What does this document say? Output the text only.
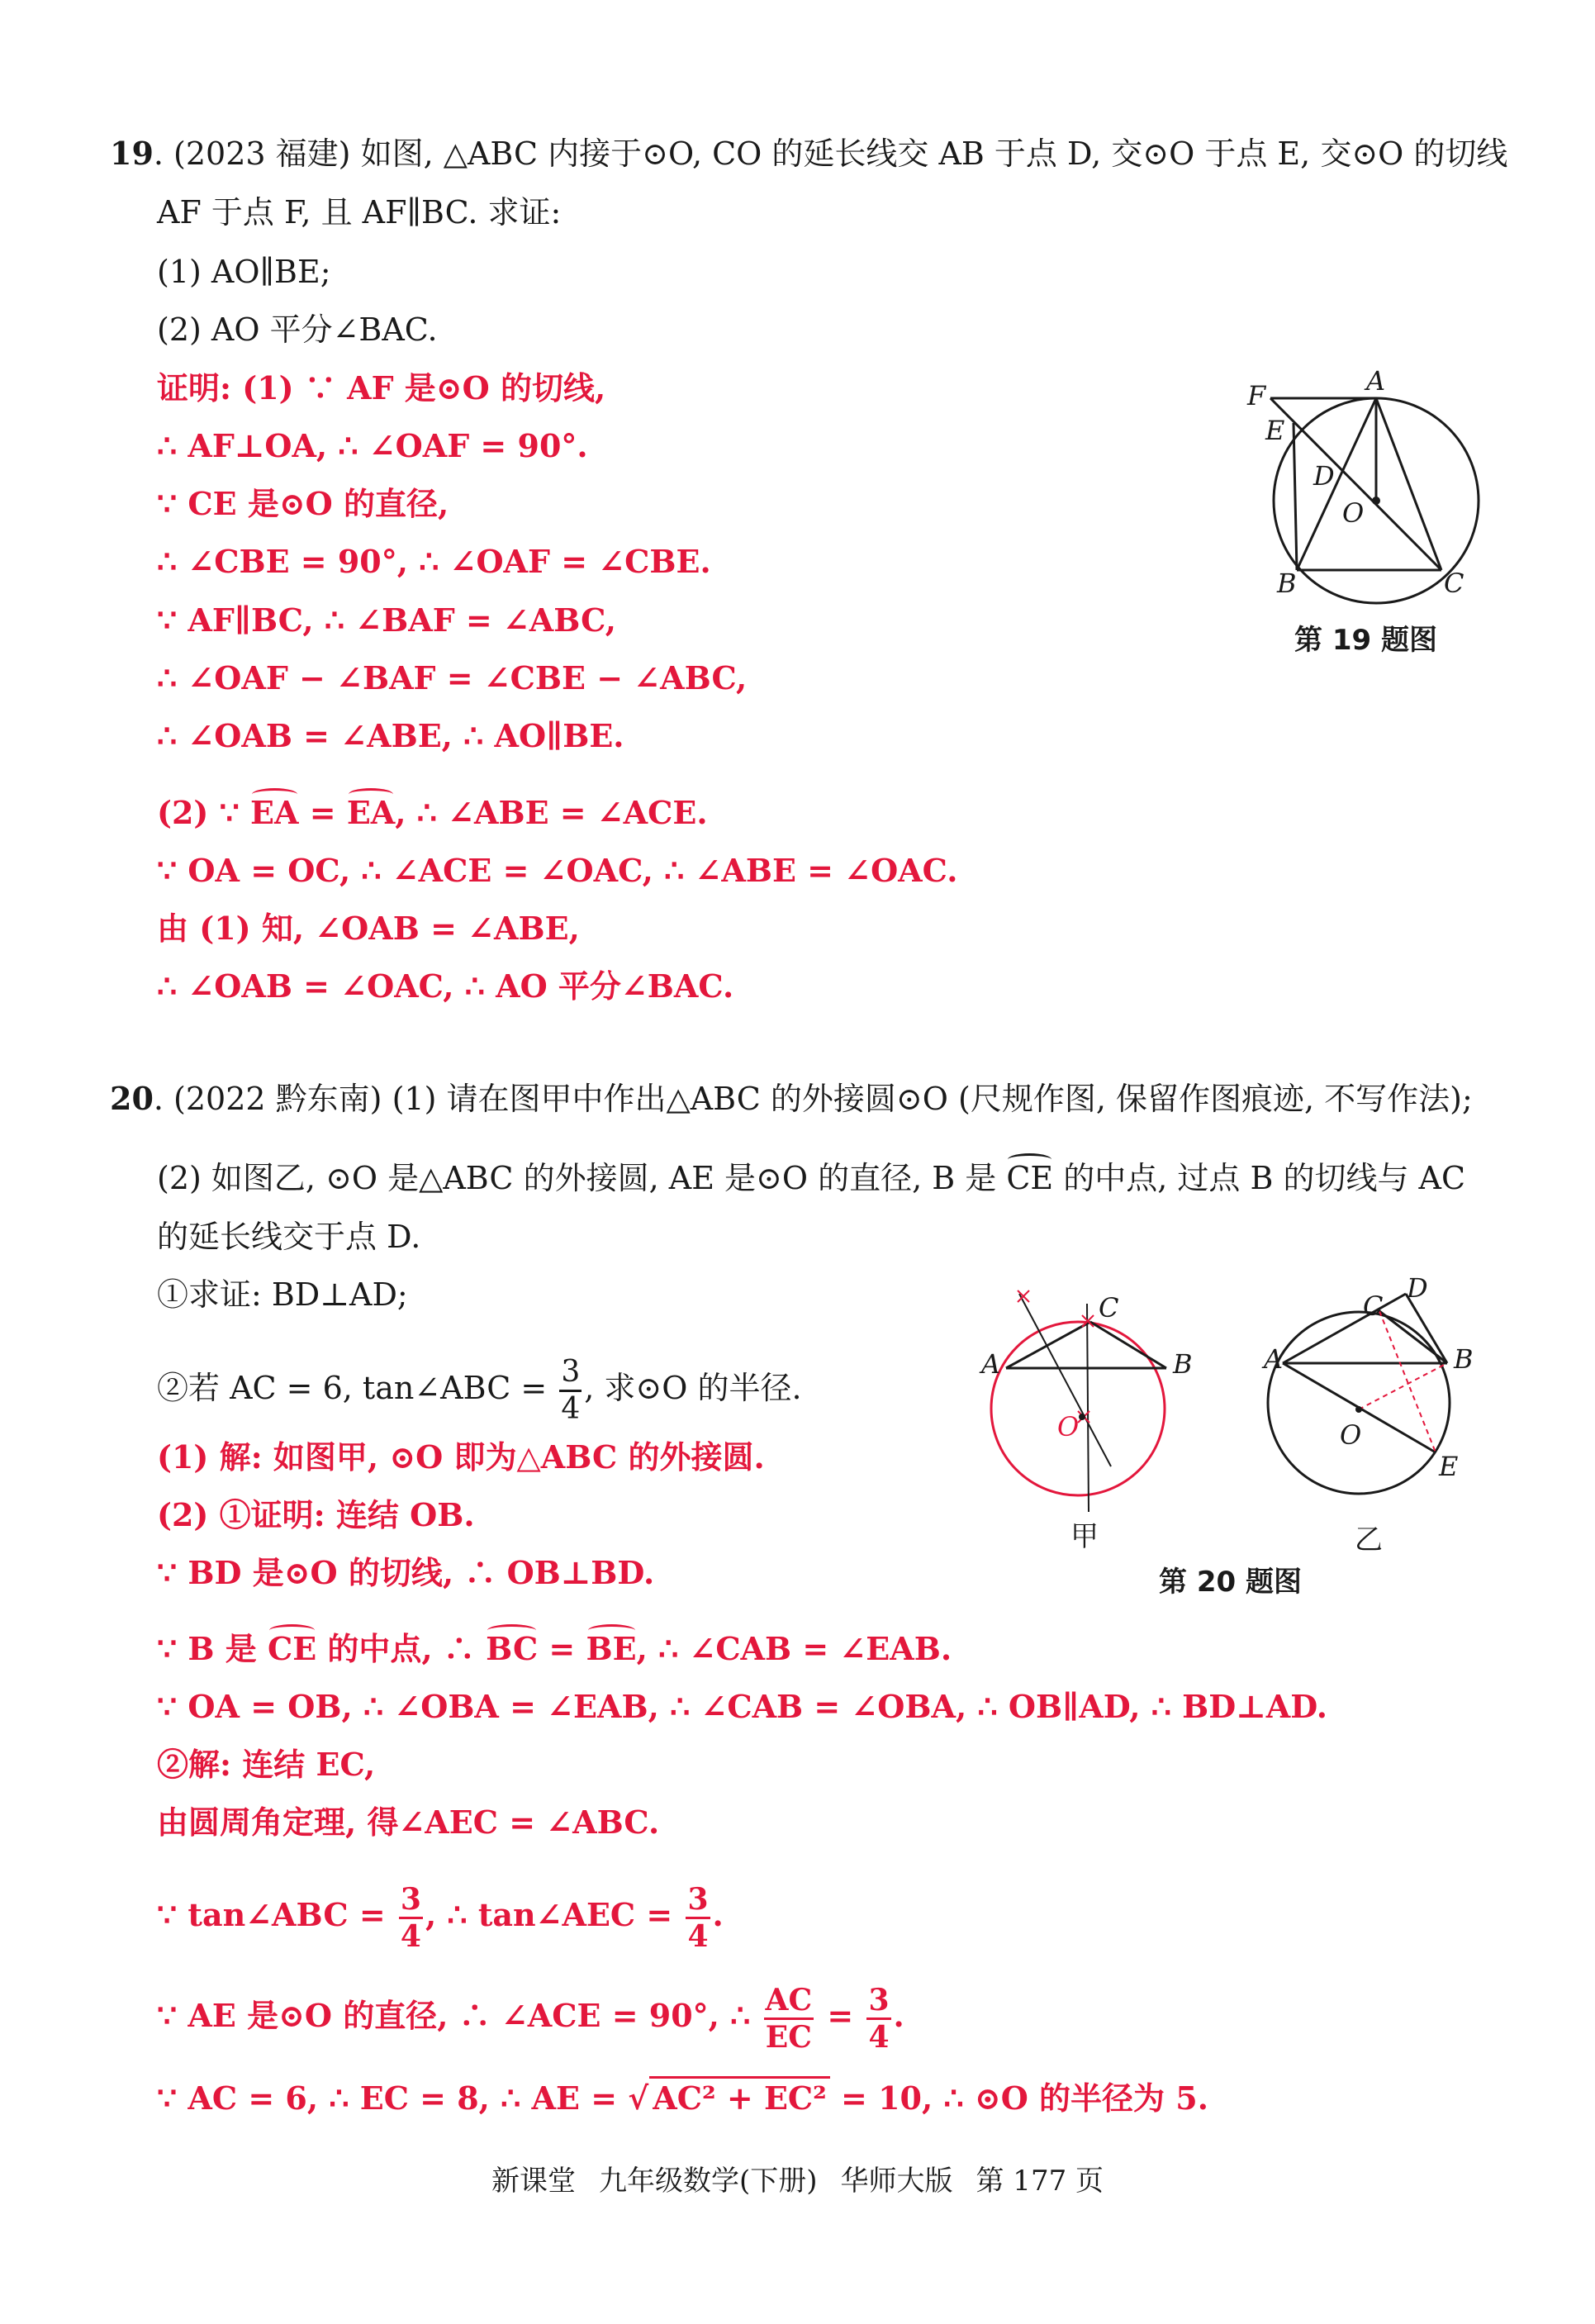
19. (2023 福建) 如图, △ABC 内接于⊙O, CO 的延长线交 AB 于点 D, 交⊙O 于点 E, 交⊙O 的切线
AF 于点 F, 且 AF∥BC. 求证:
(1) AO∥BE;
(2) AO 平分∠BAC.
证明: (1) ∵ AF 是⊙O 的切线,
∴ AF⊥OA, ∴ ∠OAF = 90°.
∵ CE 是⊙O 的直径,
∴ ∠CBE = 90°, ∴ ∠OAF = ∠CBE.
∵ AF∥BC, ∴ ∠BAF = ∠ABC,
∴ ∠OAF − ∠BAF = ∠CBE − ∠ABC,
∴ ∠OAB = ∠ABE, ∴ AO∥BE.
(2) ∵ EA = EA, ∴ ∠ABE = ∠ACE.
∵ OA = OC, ∴ ∠ACE = ∠OAC, ∴ ∠ABE = ∠OAC.
由 (1) 知, ∠OAB = ∠ABE,
∴ ∠OAB = ∠OAC, ∴ AO 平分∠BAC.
F
E
A
D
O
B	C
第 19 题图
20. (2022 黔东南) (1) 请在图甲中作出△ABC 的外接圆⊙O (尺规作图, 保留作图痕迹, 不写作法);
(2) 如图乙, ⊙O 是△ABC 的外接圆, AE 是⊙O 的直径, B 是 CE 的中点, 过点 B 的切线与 AC
的延长线交于点 D.
①求证: BD⊥AD;
②若 AC = 6, tan∠ABC = $\frac{3}{4}$ , 求⊙O 的半径.
(1) 解: 如图甲, ⊙O 即为△ABC 的外接圆.
(2) ①证明: 连结 OB.
∵ BD 是⊙O 的切线, ∴ OB⊥BD.
∵ B 是 CE 的中点, ∴ BC = BE, ∴ ∠CAB = ∠EAB.
∵ OA = OB, ∴ ∠OBA = ∠EAB, ∴ ∠CAB = ∠OBA, ∴ OB∥AD, ∴ BD⊥AD.
②解: 连结 EC,
由圆周角定理, 得∠AEC = ∠ABC.
∵ tan∠ABC = $\frac{3}{4}$ , ∴ tan∠AEC = $\frac{3}{4}$ .
∵ AE 是⊙O 的直径, ∴ ∠ACE = 90°, ∴ $\frac{AC}{EC} = \frac{3}{4}$ .
∵ AC = 6, ∴ EC = 8, ∴ AE = √ AC² + EC² = 10, ∴ ⊙O 的半径为 5.
A	B
C
O
A	B
C
D
E
O
甲	乙
第 20 题图
新课堂 九年级数学(下册) 华师大版 第 177 页
